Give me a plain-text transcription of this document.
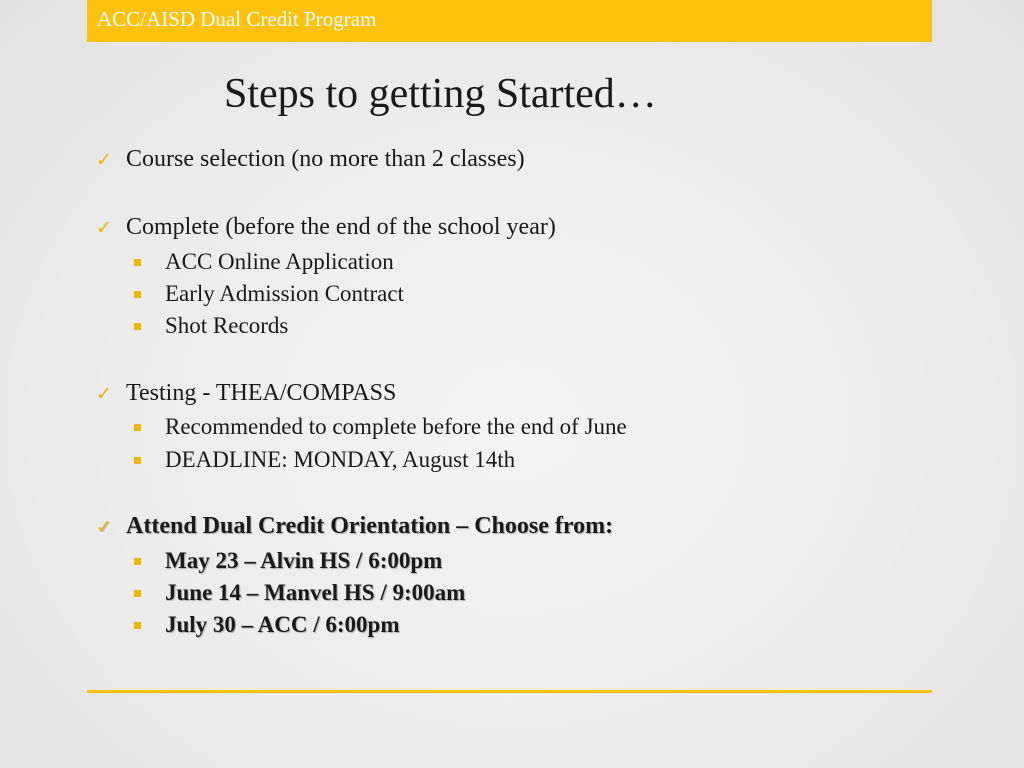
ACC/AISD Dual Credit Program
Steps to getting Started…
✓ Course selection (no more than 2 classes)
✓ Complete (before the end of the school year)
ACC Online Application
Early Admission Contract
Shot Records
✓ Testing - THEA/COMPASS
Recommended to complete before the end of June
DEADLINE: MONDAY, August 14th
✓ Attend Dual Credit Orientation – Choose from:
May 23 – Alvin HS / 6:00pm
June 14 – Manvel HS / 9:00am
July 30 – ACC / 6:00pm
